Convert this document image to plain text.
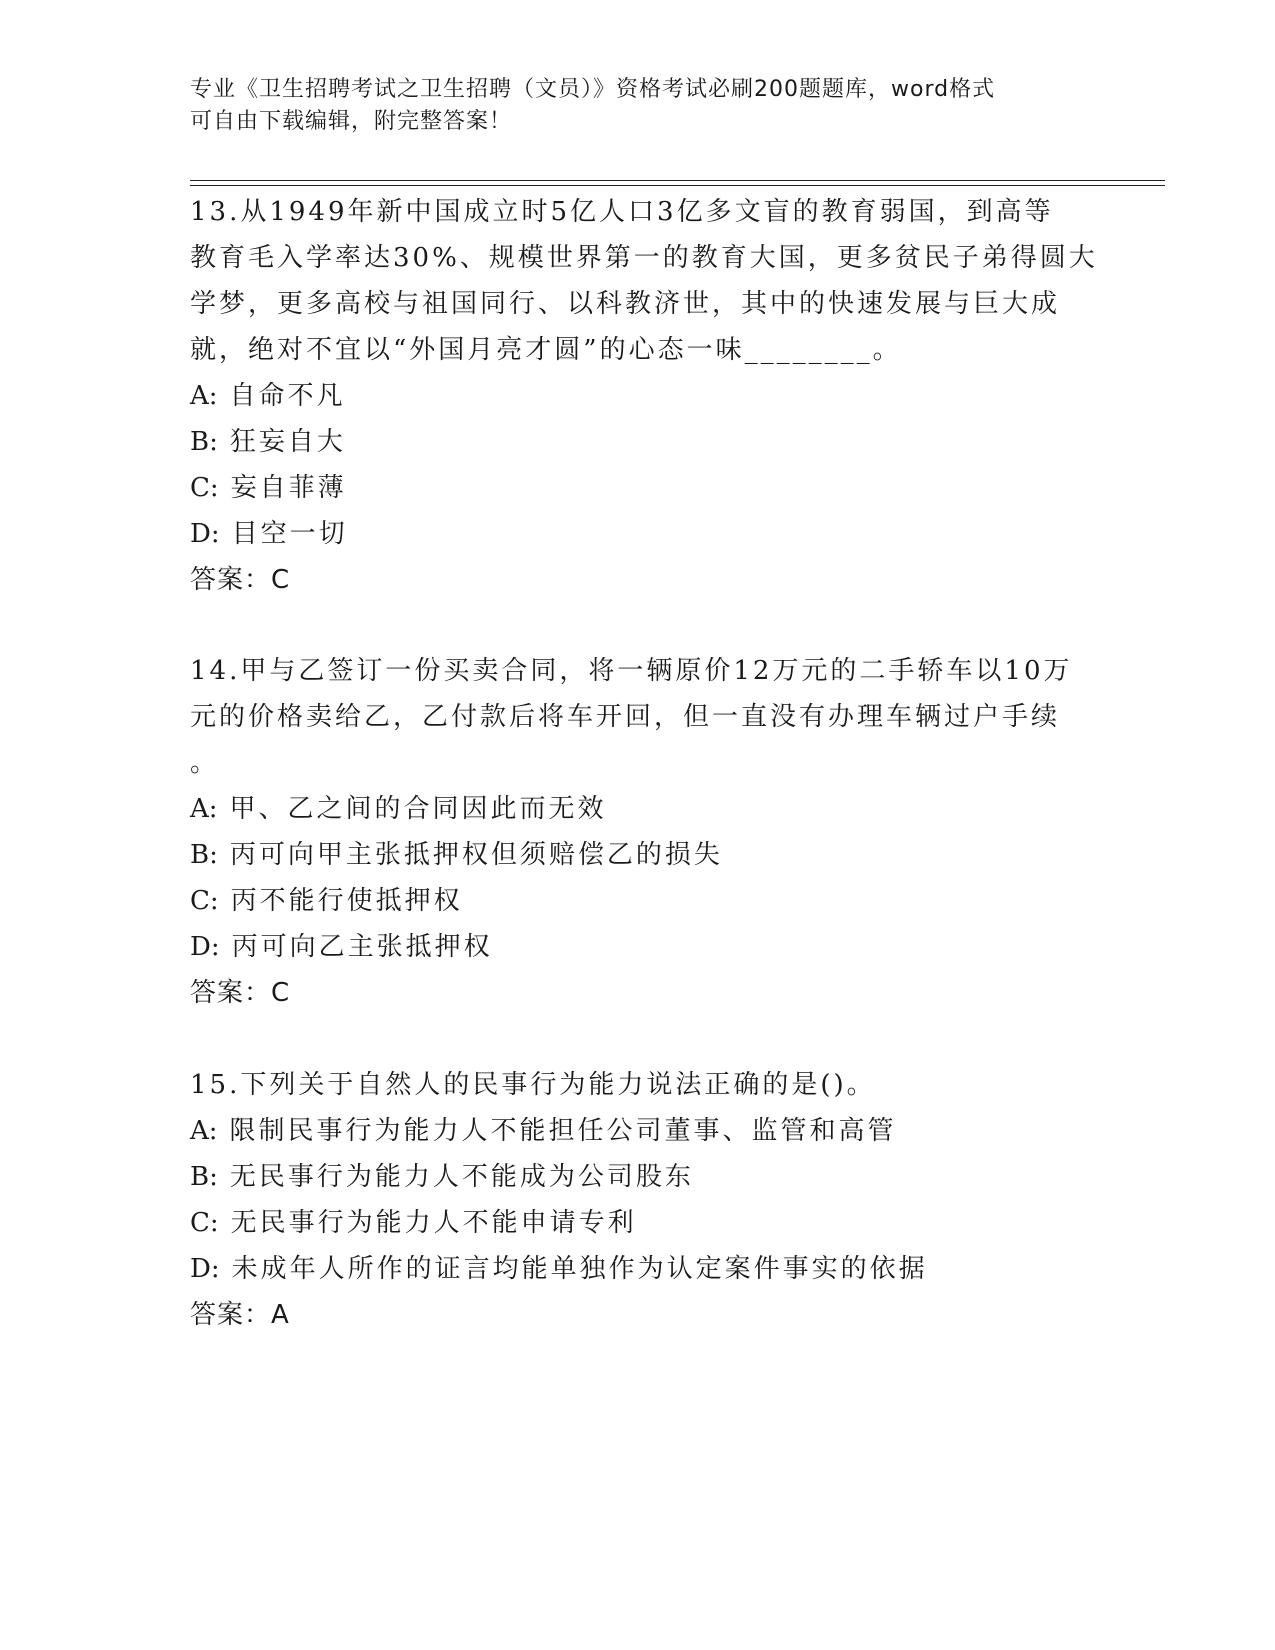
专业《卫生招聘考试之卫生招聘（文员）》资格考试必刷200题题库，word格式
可自由下载编辑，附完整答案！
13.从1949年新中国成立时5亿人口3亿多文盲的教育弱国，到高等
教育毛入学率达30%、规模世界第一的教育大国，更多贫民子弟得圆大
学梦，更多高校与祖国同行、以科教济世，其中的快速发展与巨大成
就，绝对不宜以“外国月亮才圆”的心态一味________。
A: 自命不凡
B: 狂妄自大
C: 妄自菲薄
D: 目空一切
答案：C
14.甲与乙签订一份买卖合同，将一辆原价12万元的二手轿车以10万
元的价格卖给乙，乙付款后将车开回，但一直没有办理车辆过户手续
。
A: 甲、乙之间的合同因此而无效
B: 丙可向甲主张抵押权但须赔偿乙的损失
C: 丙不能行使抵押权
D: 丙可向乙主张抵押权
答案：C
15.下列关于自然人的民事行为能力说法正确的是()。
A: 限制民事行为能力人不能担任公司董事、监管和高管
B: 无民事行为能力人不能成为公司股东
C: 无民事行为能力人不能申请专利
D: 未成年人所作的证言均能单独作为认定案件事实的依据
答案：A
